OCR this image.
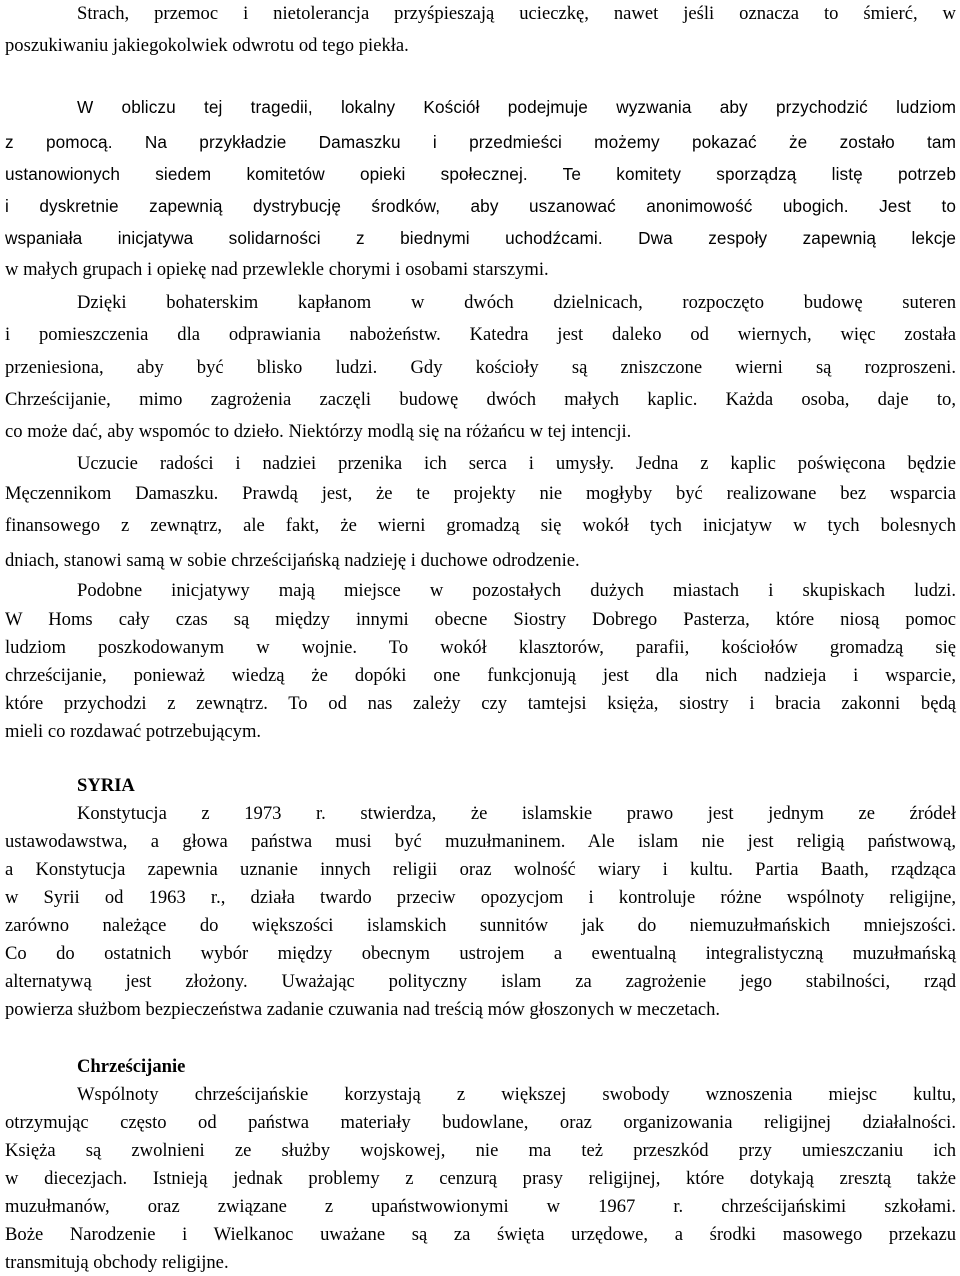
Strach, przemoc i nietolerancja przyśpieszają ucieczkę, nawet jeśli oznacza to śmierć, w
poszukiwaniu jakiegokolwiek odwrotu od tego piekła.
W obliczu tej tragedii, lokalny Kościół podejmuje wyzwania aby przychodzić ludziom
z pomocą. Na przykładzie Damaszku i przedmieści możemy pokazać że zostało tam
ustanowionych siedem komitetów opieki społecznej. Te komitety sporządzą listę potrzeb
i dyskretnie zapewnią dystrybucję środków, aby uszanować anonimowość ubogich. Jest to
wspaniała inicjatywa solidarności z biednymi uchodźcami. Dwa zespoły zapewnią lekcje
w małych grupach i opiekę nad przewlekle chorymi i osobami starszymi.
Dzięki bohaterskim kapłanom w dwóch dzielnicach, rozpoczęto budowę suteren
i pomieszczenia dla odprawiania nabożeństw. Katedra jest daleko od wiernych, więc została
przeniesiona, aby być blisko ludzi. Gdy kościoły są zniszczone wierni są rozproszeni.
Chrześcijanie, mimo zagrożenia zaczęli budowę dwóch małych kaplic. Każda osoba, daje to,
co może dać, aby wspomóc to dzieło. Niektórzy modlą się na różańcu w tej intencji.
Uczucie radości i nadziei przenika ich serca i umysły. Jedna z kaplic poświęcona będzie
Męczennikom Damaszku. Prawdą jest, że te projekty nie mogłyby być realizowane bez wsparcia
finansowego z zewnątrz, ale fakt, że wierni gromadzą się wokół tych inicjatyw w tych bolesnych
dniach, stanowi samą w sobie chrześcijańską nadzieję i duchowe odrodzenie.
Podobne inicjatywy mają miejsce w pozostałych dużych miastach i skupiskach ludzi.
W Homs cały czas są między innymi obecne Siostry Dobrego Pasterza, które niosą pomoc
ludziom poszkodowanym w wojnie. To wokół klasztorów, parafii, kościołów gromadzą się
chrześcijanie, ponieważ wiedzą że dopóki one funkcjonują jest dla nich nadzieja i wsparcie,
które przychodzi z zewnątrz. To od nas zależy czy tamtejsi księża, siostry i bracia zakonni będą
mieli co rozdawać potrzebującym.
SYRIA
Konstytucja z 1973 r. stwierdza, że islamskie prawo jest jednym ze źródeł
ustawodawstwa, a głowa państwa musi być muzułmaninem. Ale islam nie jest religią państwową,
a Konstytucja zapewnia uznanie innych religii oraz wolność wiary i kultu. Partia Baath, rządząca
w Syrii od 1963 r., działa twardo przeciw opozycjom i kontroluje różne wspólnoty religijne,
zarówno należące do większości islamskich sunnitów jak do niemuzułmańskich mniejszości.
Co do ostatnich wybór między obecnym ustrojem a ewentualną integralistyczną muzułmańską
alternatywą jest złożony. Uważając polityczny islam za zagrożenie jego stabilności, rząd
powierza służbom bezpieczeństwa zadanie czuwania nad treścią mów głoszonych w meczetach.
Chrześcijanie
Wspólnoty chrześcijańskie korzystają z większej swobody wznoszenia miejsc kultu,
otrzymując często od państwa materiały budowlane, oraz organizowania religijnej działalności.
Księża są zwolnieni ze służby wojskowej, nie ma też przeszkód przy umieszczaniu ich
w diecezjach. Istnieją jednak problemy z cenzurą prasy religijnej, które dotykają zresztą także
muzułmanów, oraz związane z upaństwowionymi w 1967 r. chrześcijańskimi szkołami.
Boże Narodzenie i Wielkanoc uważane są za święta urzędowe, a środki masowego przekazu
transmitują obchody religijne.
